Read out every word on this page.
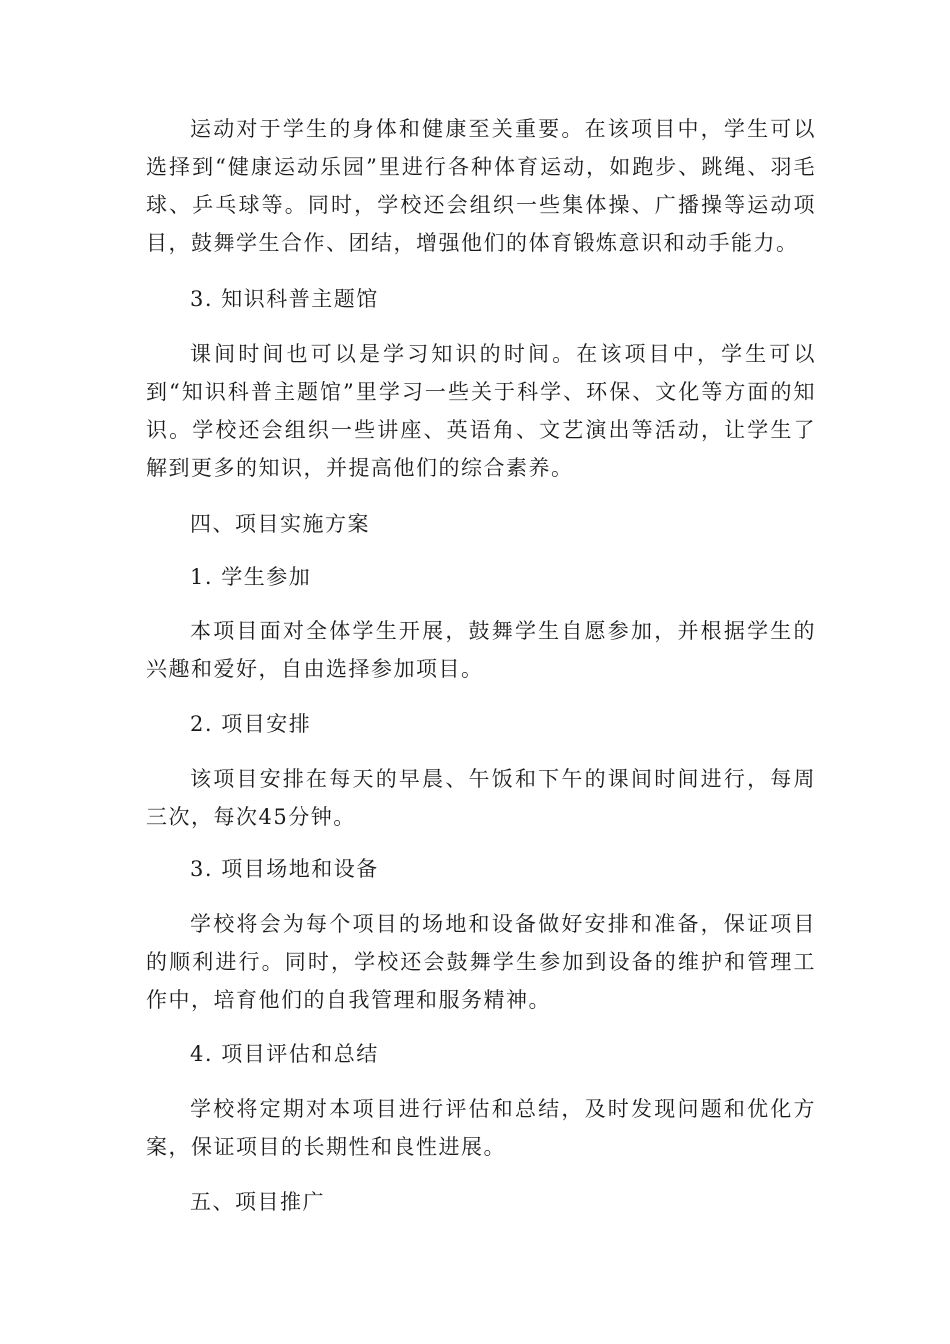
运动对于学生的身体和健康至关重要。在该项目中，学生可以选择到“健康运动乐园”里进行各种体育运动，如跑步、跳绳、羽毛球、乒乓球等。同时，学校还会组织一些集体操、广播操等运动项目，鼓舞学生合作、团结，增强他们的体育锻炼意识和动手能力。

3. 知识科普主题馆

课间时间也可以是学习知识的时间。在该项目中，学生可以到“知识科普主题馆”里学习一些关于科学、环保、文化等方面的知识。学校还会组织一些讲座、英语角、文艺演出等活动，让学生了解到更多的知识，并提高他们的综合素养。

四、项目实施方案

1. 学生参加

本项目面对全体学生开展，鼓舞学生自愿参加，并根据学生的兴趣和爱好，自由选择参加项目。

2. 项目安排

该项目安排在每天的早晨、午饭和下午的课间时间进行，每周三次，每次45分钟。

3. 项目场地和设备

学校将会为每个项目的场地和设备做好安排和准备，保证项目的顺利进行。同时，学校还会鼓舞学生参加到设备的维护和管理工作中，培育他们的自我管理和服务精神。

4. 项目评估和总结

学校将定期对本项目进行评估和总结，及时发现问题和优化方案，保证项目的长期性和良性进展。

五、项目推广
